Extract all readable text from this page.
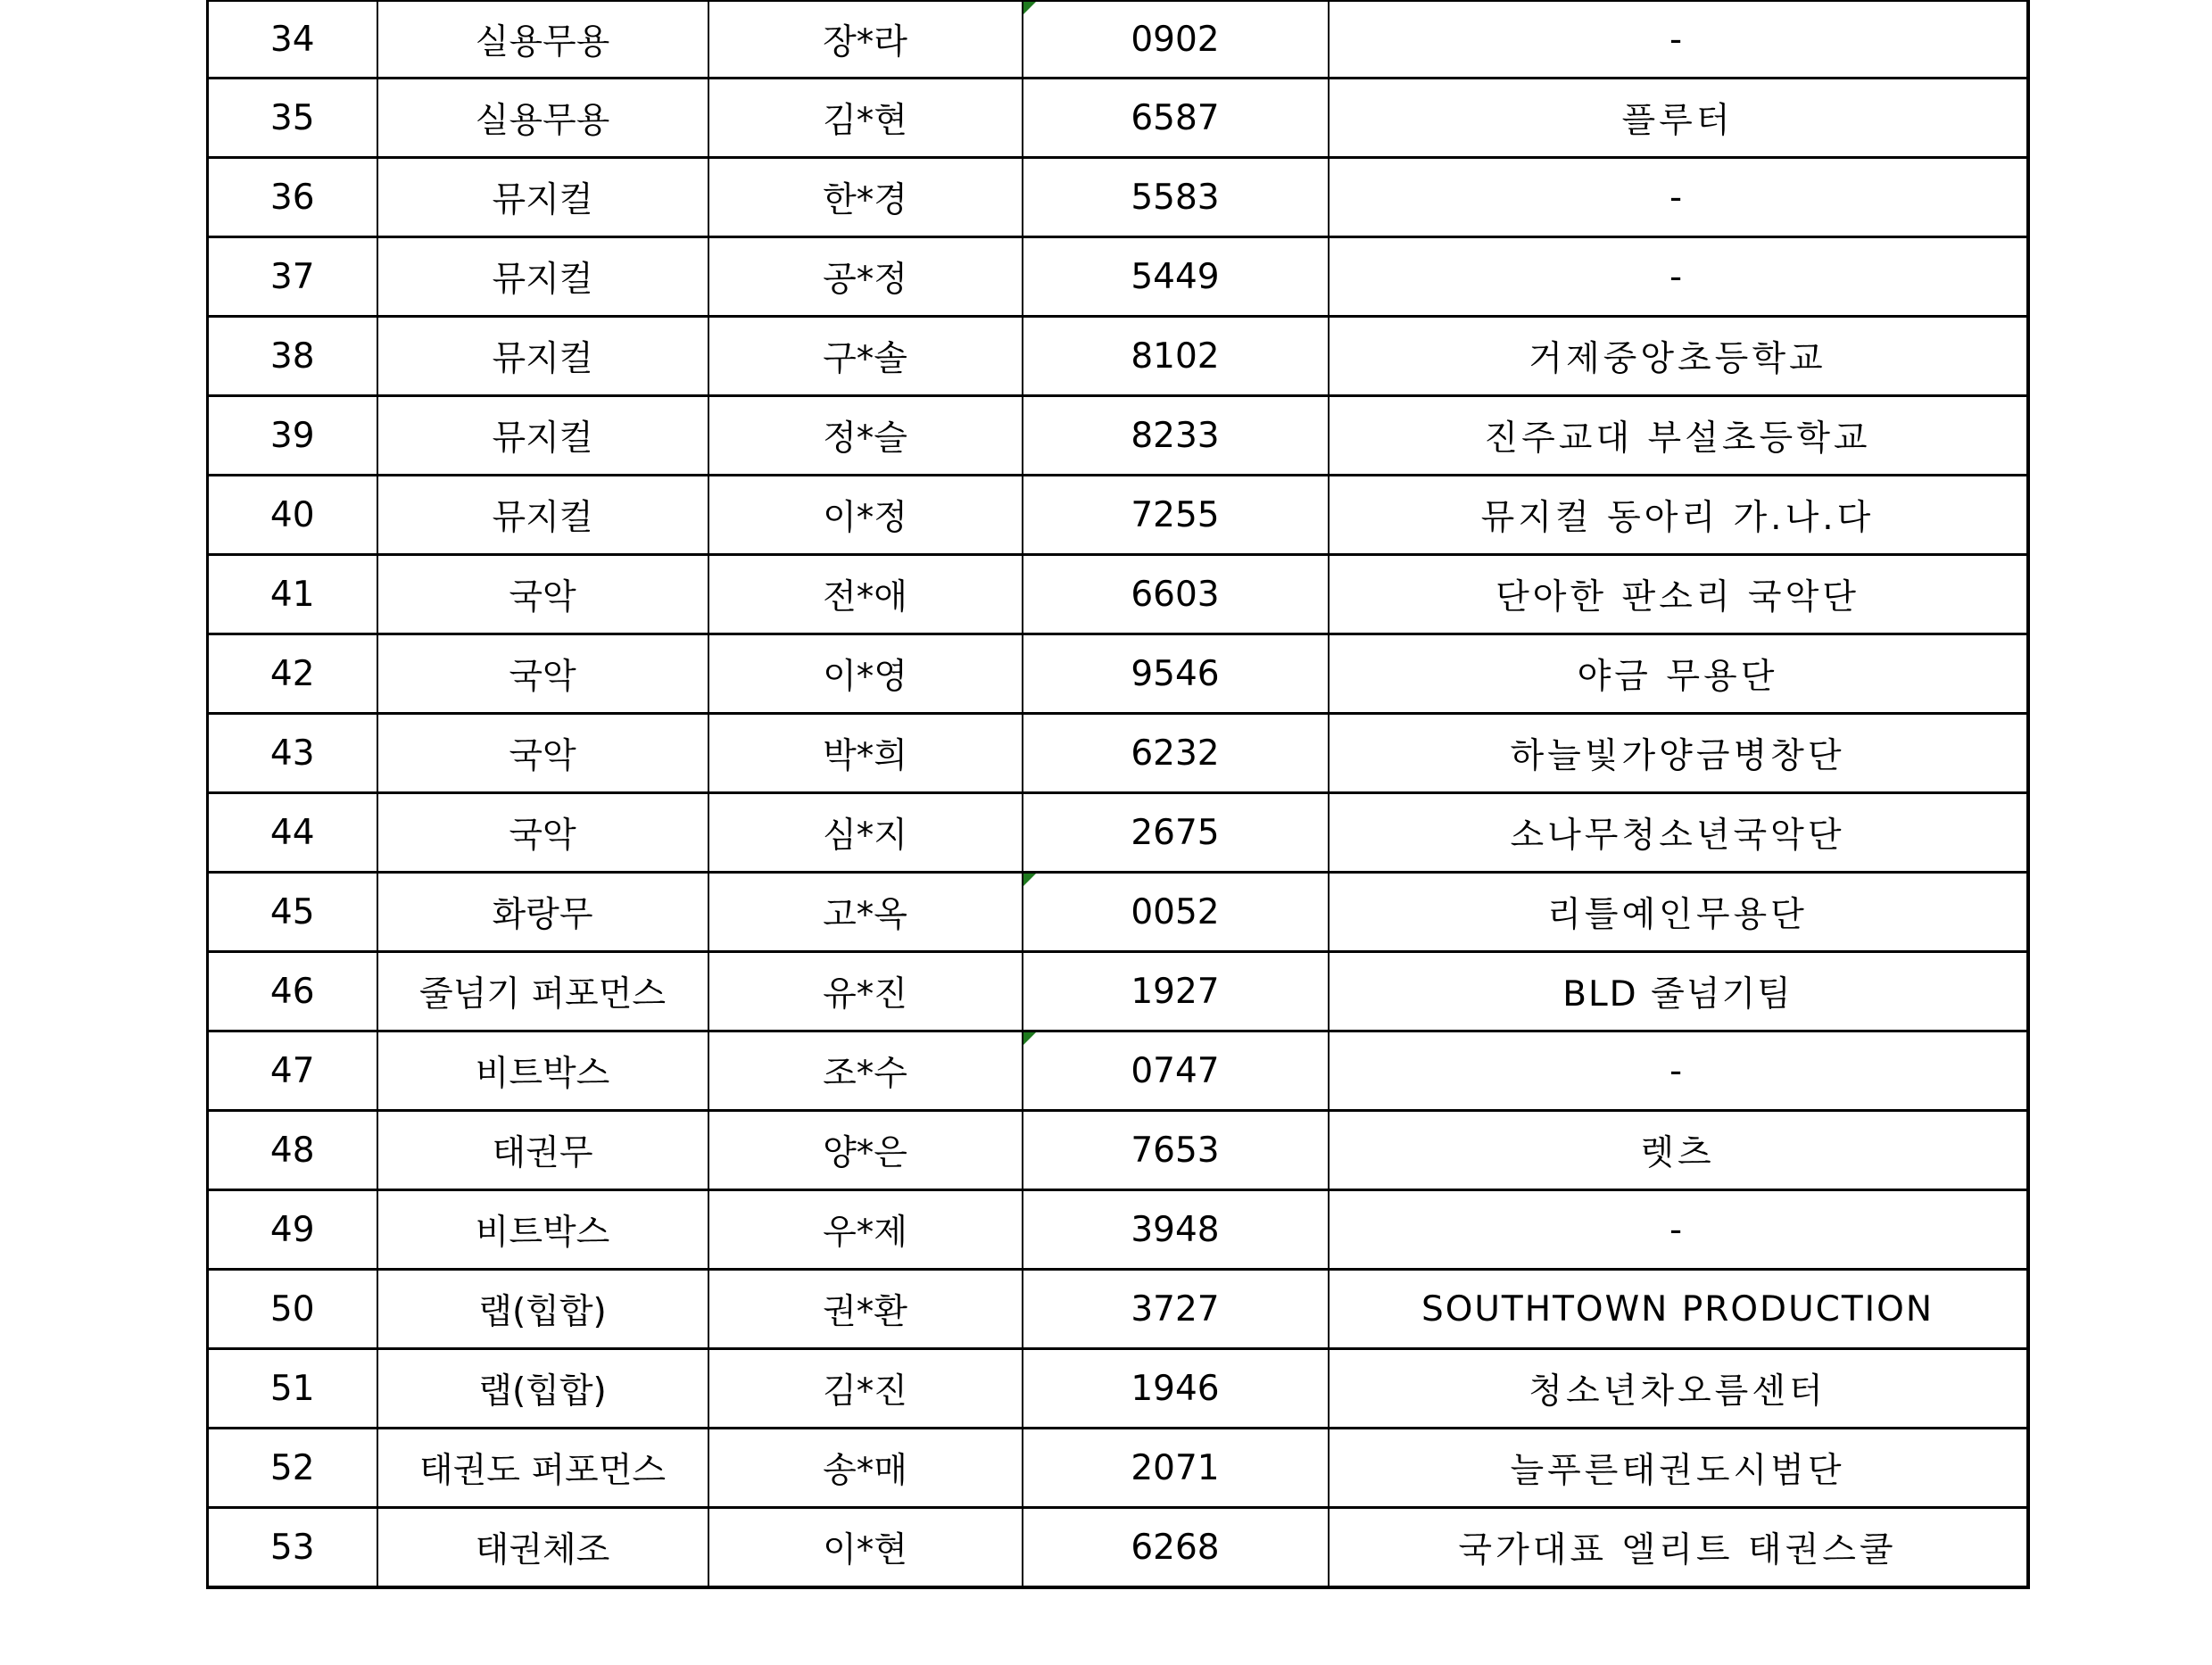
34	실용무용	장*라	0902	-
35	실용무용	김*현	6587	플루터
36	뮤지컬	한*경	5583	-
37	뮤지컬	공*정	5449	-
38	뮤지컬	구*솔	8102	거제중앙초등학교
39	뮤지컬	정*슬	8233	진주교대 부설초등학교
40	뮤지컬	이*정	7255	뮤지컬 동아리 가.나.다
41	국악	전*애	6603	단아한 판소리 국악단
42	국악	이*영	9546	야금 무용단
43	국악	박*희	6232	하늘빛가양금병창단
44	국악	심*지	2675	소나무청소년국악단
45	화랑무	고*옥	0052	리틀예인무용단
46	줄넘기 퍼포먼스	유*진	1927	BLD 줄넘기팀
47	비트박스	조*수	0747	-
48	태권무	양*은	7653	렛츠
49	비트박스	우*제	3948	-
50	랩(힙합)	권*환	3727	SOUTHTOWN PRODUCTION
51	랩(힙합)	김*진	1946	청소년차오름센터
52	태권도 퍼포먼스	송*매	2071	늘푸른태권도시범단
53	태권체조	이*현	6268	국가대표 엘리트 태권스쿨
